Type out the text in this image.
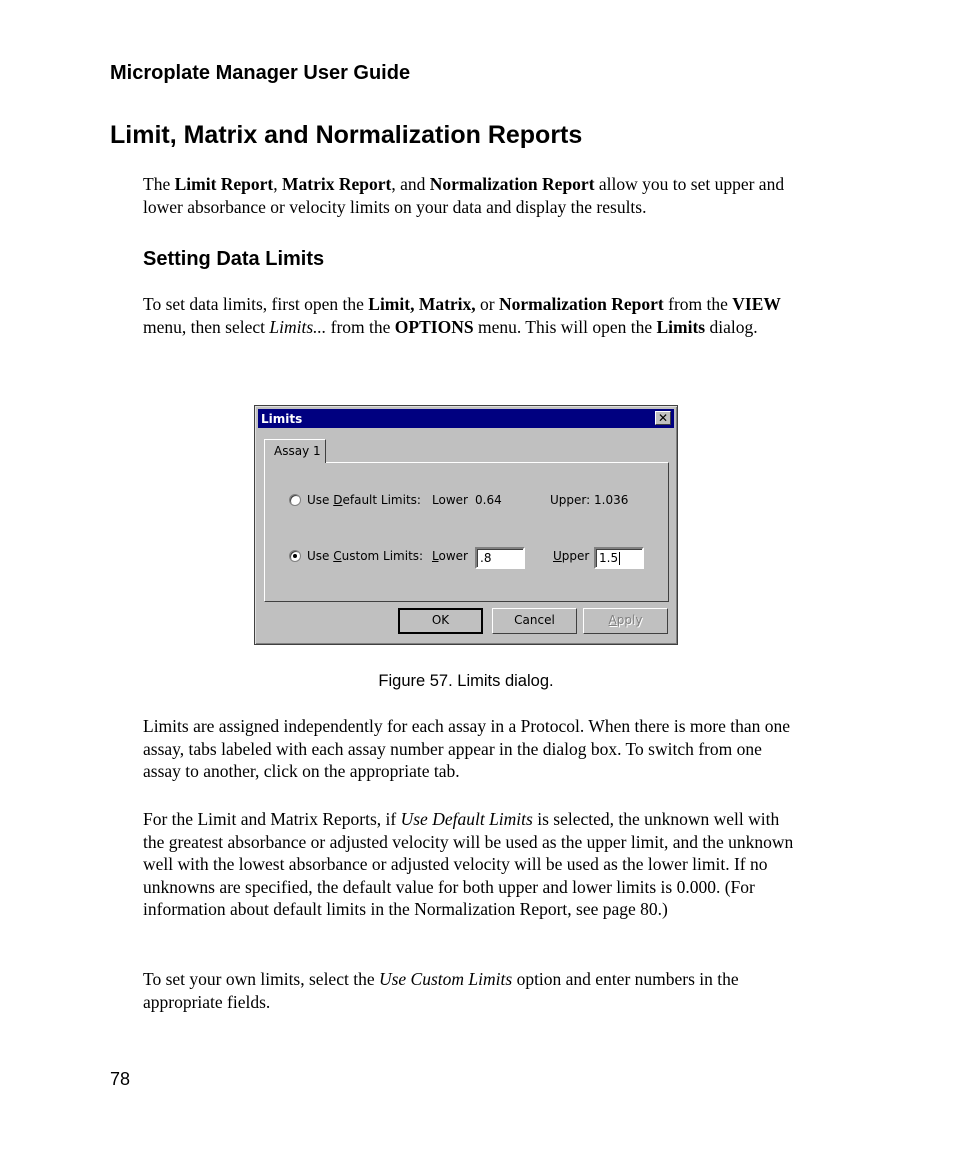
Microplate Manager User Guide
Limit, Matrix and Normalization Reports

The Limit Report, Matrix Report, and Normalization Report allow you to set upper and lower absorbance or velocity limits on your data and display the results.

Setting Data Limits

To set data limits, first open the Limit, Matrix, or Normalization Report from the VIEW menu, then select Limits... from the OPTIONS menu. This will open the Limits dialog.

Limits	✕
Assay 1
Use Default Limits: Lower 0.64	Upper: 1.036
Use Custom Limits: Lower	.8	Upper 1.5
OK	Cancel	Apply
Figure 57. Limits dialog.

Limits are assigned independently for each assay in a Protocol. When there is more than one assay, tabs labeled with each assay number appear in the dialog box. To switch from one assay to another, click on the appropriate tab.

For the Limit and Matrix Reports, if Use Default Limits is selected, the unknown well with the greatest absorbance or adjusted velocity will be used as the upper limit, and the unknown well with the lowest absorbance or adjusted velocity will be used as the lower limit. If no unknowns are specified, the default value for both upper and lower limits is 0.000. (For information about default limits in the Normalization Report, see page 80.)

To set your own limits, select the Use Custom Limits option and enter numbers in the appropriate fields.

78
